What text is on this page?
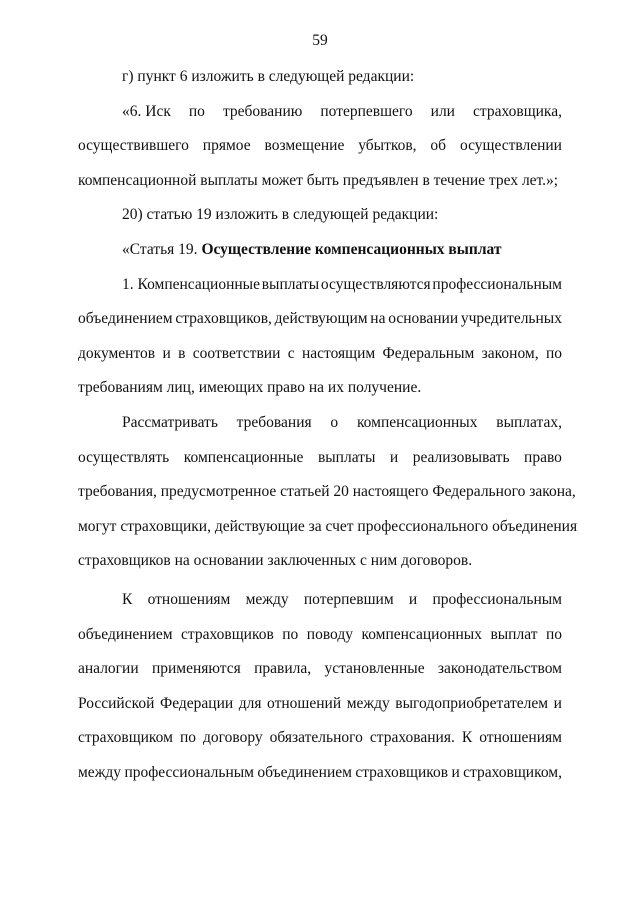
59
г) пункт 6 изложить в следующей редакции:
«6. Иск по требованию потерпевшего или страховщика,
осуществившего прямое возмещение убытков, об осуществлении
компенсационной выплаты может быть предъявлен в течение трех лет.»;
20) статью 19 изложить в следующей редакции:
«Статья 19. Осуществление компенсационных выплат
1. Компенсационные выплаты осуществляются профессиональным
объединением страховщиков, действующим на основании учредительных
документов и в соответствии с настоящим Федеральным законом, по
требованиям лиц, имеющих право на их получение.
Рассматривать требования о компенсационных выплатах,
осуществлять компенсационные выплаты и реализовывать право
требования, предусмотренное статьей 20 настоящего Федерального закона,
могут страховщики, действующие за счет профессионального объединения
страховщиков на основании заключенных с ним договоров.
К отношениям между потерпевшим и профессиональным
объединением страховщиков по поводу компенсационных выплат по
аналогии применяются правила, установленные законодательством
Российской Федерации для отношений между выгодоприобретателем и
страховщиком по договору обязательного страхования. К отношениям
между профессиональным объединением страховщиков и страховщиком,
